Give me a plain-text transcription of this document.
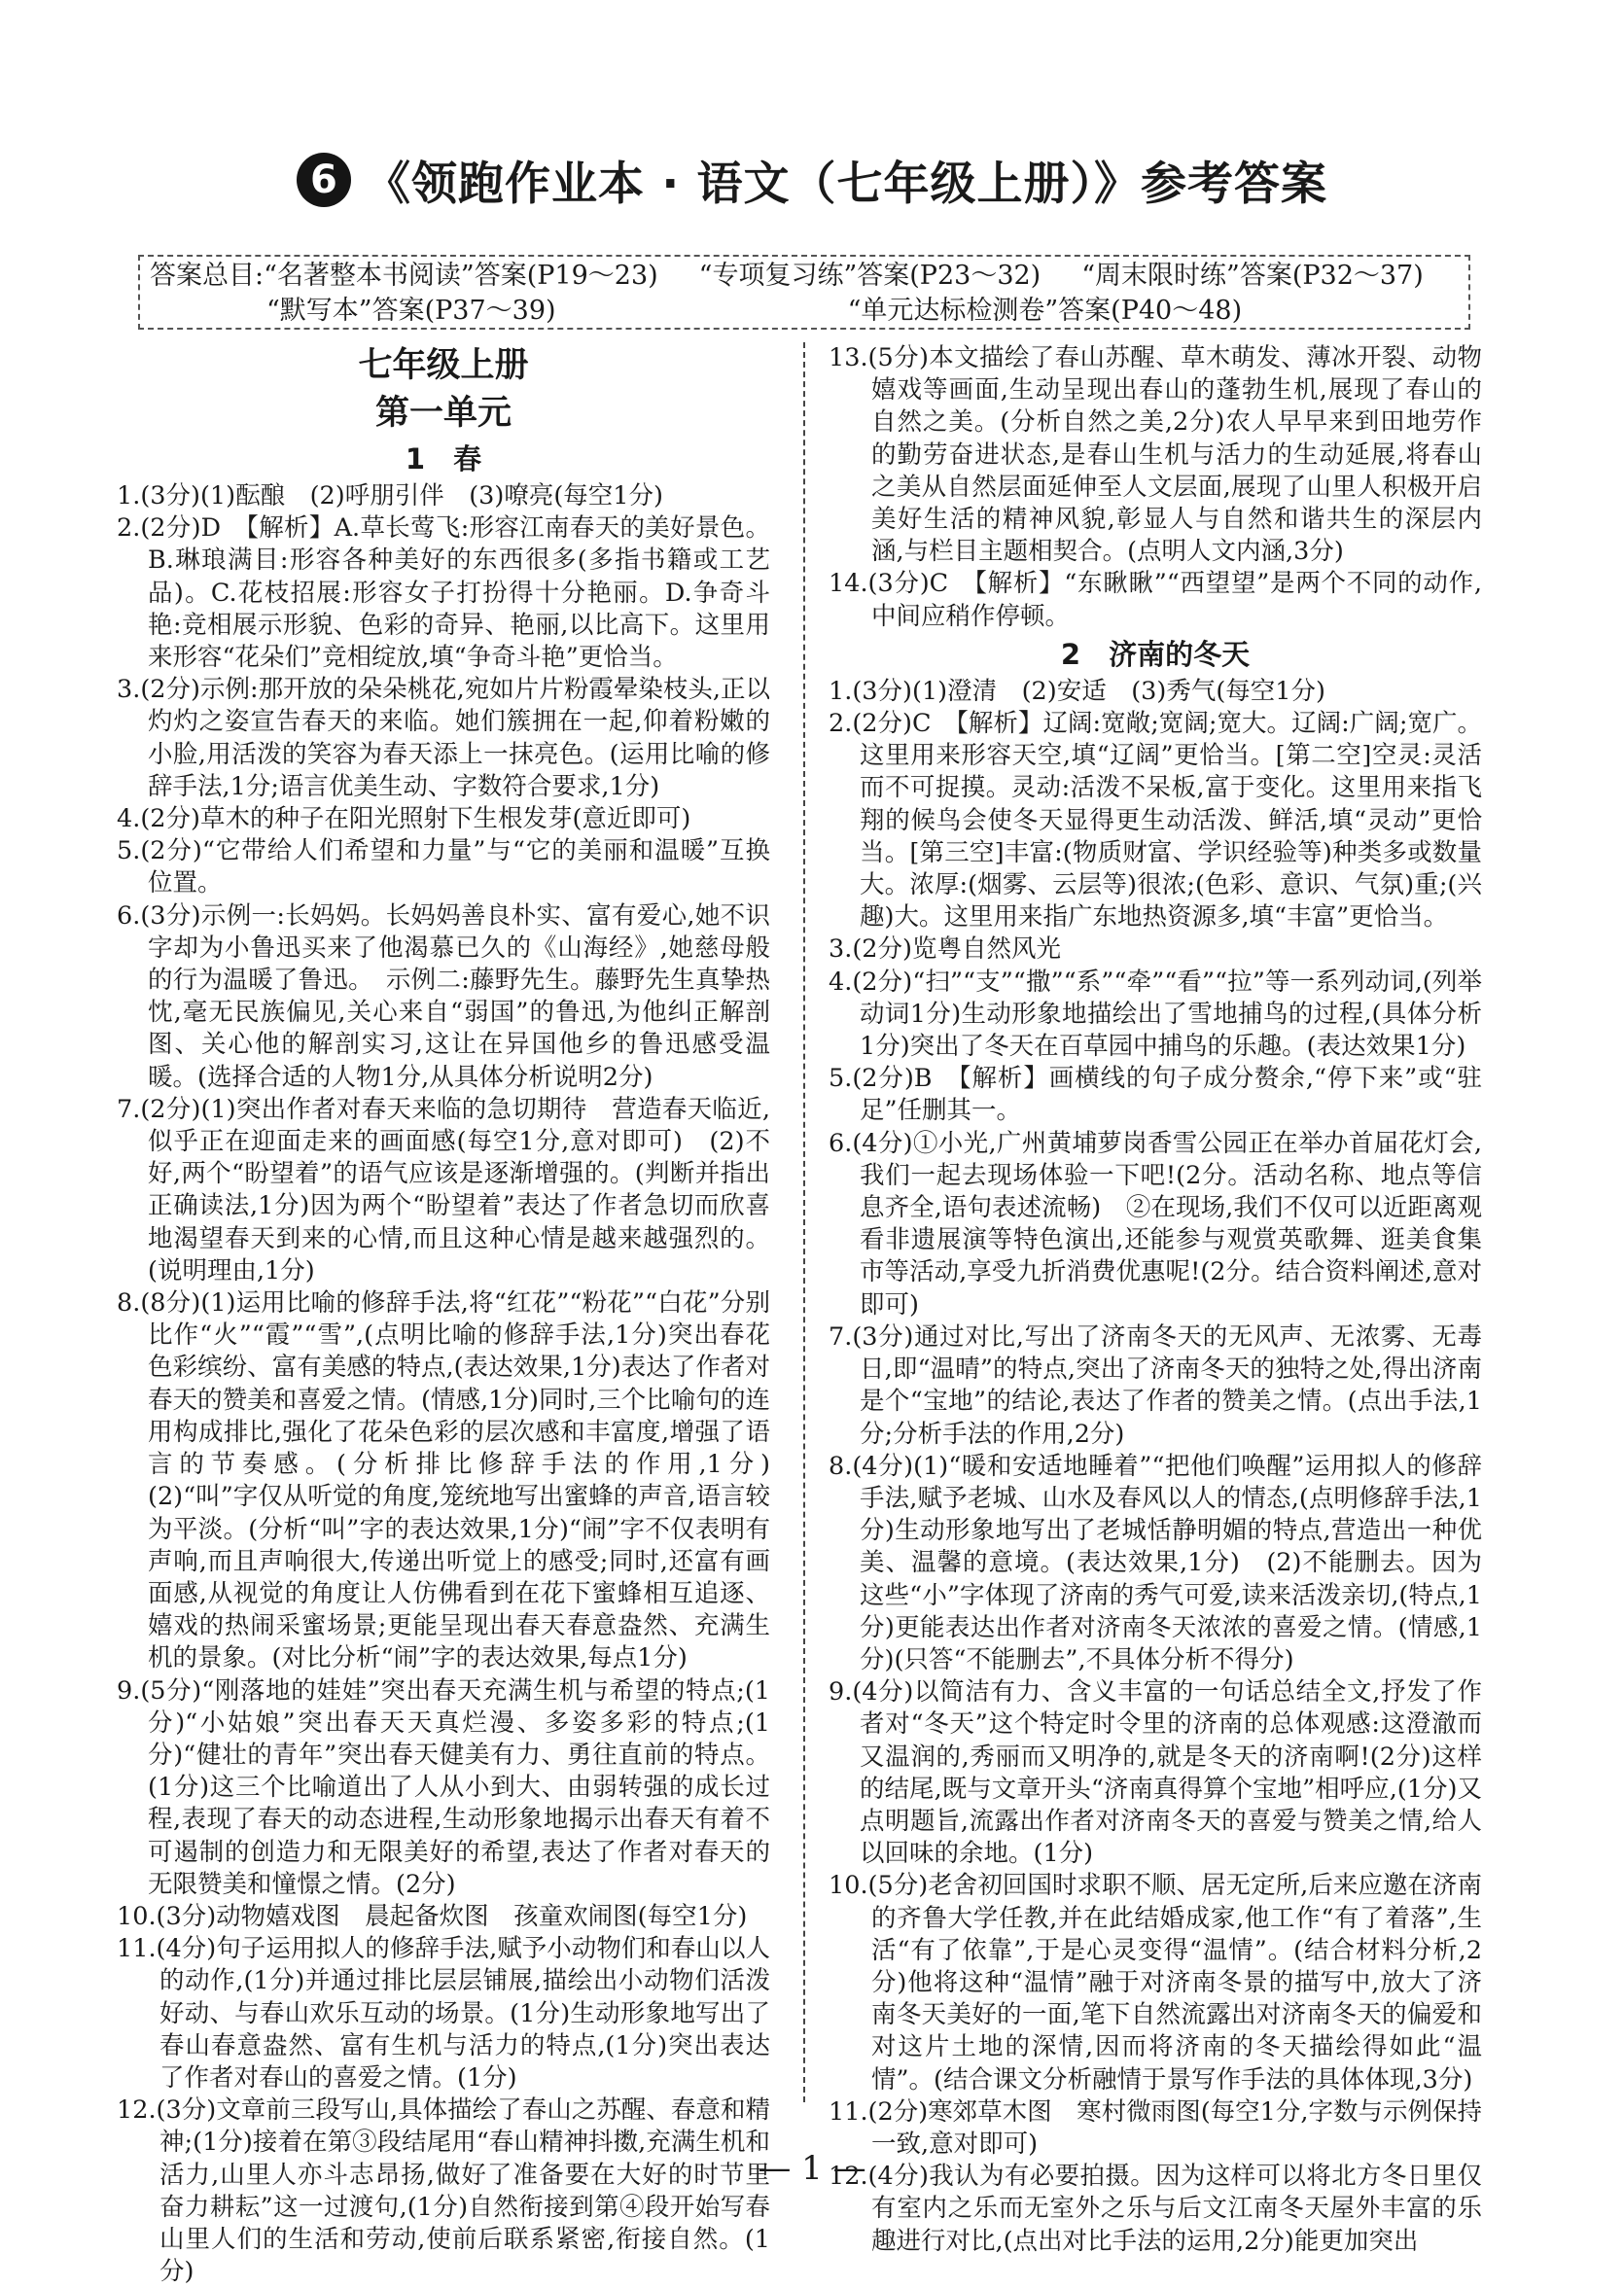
6 《领跑作业本 · 语文（七年级上册）》参考答案
答案总目:“名著整本书阅读”答案(P19～23) “专项复习练”答案(P23～32) “周末限时练”答案(P32～37)
“默写本”答案(P37～39)	“单元达标检测卷”答案(P40～48)
七年级上册
第一单元
1　春

1.(3分)(1)酝酿　(2)呼朋引伴　(3)嘹亮(每空1分)

2.(2分)D　【解析】A.草长莺飞:形容江南春天的美好景色。B.琳琅满目:形容各种美好的东西很多(多指书籍或工艺品)。C.花枝招展:形容女子打扮得十分艳丽。D.争奇斗艳:竞相展示形貌、色彩的奇异、艳丽,以比高下。这里用来形容“花朵们”竞相绽放,填“争奇斗艳”更恰当。

3.(2分)示例:那开放的朵朵桃花,宛如片片粉霞晕染枝头,正以灼灼之姿宣告春天的来临。她们簇拥在一起,仰着粉嫩的小脸,用活泼的笑容为春天添上一抹亮色。(运用比喻的修辞手法,1分;语言优美生动、字数符合要求,1分)

4.(2分)草木的种子在阳光照射下生根发芽(意近即可)

5.(2分)“它带给人们希望和力量”与“它的美丽和温暖”互换位置。

6.(3分)示例一:长妈妈。长妈妈善良朴实、富有爱心,她不识字却为小鲁迅买来了他渴慕已久的《山海经》,她慈母般的行为温暖了鲁迅。　示例二:藤野先生。藤野先生真挚热忱,毫无民族偏见,关心来自“弱国”的鲁迅,为他纠正解剖图、关心他的解剖实习,这让在异国他乡的鲁迅感受温暖。(选择合适的人物1分,从具体分析说明2分)

7.(2分)(1)突出作者对春天来临的急切期待　营造春天临近,似乎正在迎面走来的画面感(每空1分,意对即可)　(2)不好,两个“盼望着”的语气应该是逐渐增强的。(判断并指出正确读法,1分)因为两个“盼望着”表达了作者急切而欣喜地渴望春天到来的心情,而且这种心情是越来越强烈的。(说明理由,1分)

8.(8分)(1)运用比喻的修辞手法,将“红花”“粉花”“白花”分别比作“火”“霞”“雪”,(点明比喻的修辞手法,1分)突出春花色彩缤纷、富有美感的特点,(表达效果,1分)表达了作者对春天的赞美和喜爱之情。(情感,1分)同时,三个比喻句的连用构成排比,强化了花朵色彩的层次感和丰富度,增强了语言的节奏感。(分析排比修辞手法的作用,1分)　(2)“叫”字仅从听觉的角度,笼统地写出蜜蜂的声音,语言较为平淡。(分析“叫”字的表达效果,1分)“闹”字不仅表明有声响,而且声响很大,传递出听觉上的感受;同时,还富有画面感,从视觉的角度让人仿佛看到在花下蜜蜂相互追逐、嬉戏的热闹采蜜场景;更能呈现出春天春意盎然、充满生机的景象。(对比分析“闹”字的表达效果,每点1分)

9.(5分)“刚落地的娃娃”突出春天充满生机与希望的特点;(1分)“小姑娘”突出春天天真烂漫、多姿多彩的特点;(1分)“健壮的青年”突出春天健美有力、勇往直前的特点。(1分)这三个比喻道出了人从小到大、由弱转强的成长过程,表现了春天的动态进程,生动形象地揭示出春天有着不可遏制的创造力和无限美好的希望,表达了作者对春天的无限赞美和憧憬之情。(2分)

10.(3分)动物嬉戏图　晨起备炊图　孩童欢闹图(每空1分)

11.(4分)句子运用拟人的修辞手法,赋予小动物们和春山以人的动作,(1分)并通过排比层层铺展,描绘出小动物们活泼好动、与春山欢乐互动的场景。(1分)生动形象地写出了春山春意盎然、富有生机与活力的特点,(1分)突出表达了作者对春山的喜爱之情。(1分)

12.(3分)文章前三段写山,具体描绘了春山之苏醒、春意和精神;(1分)接着在第③段结尾用“春山精神抖擞,充满生机和活力,山里人亦斗志昂扬,做好了准备要在大好的时节里奋力耕耘”这一过渡句,(1分)自然衔接到第④段开始写春山里人们的生活和劳动,使前后联系紧密,衔接自然。(1分)

13.(5分)本文描绘了春山苏醒、草木萌发、薄冰开裂、动物嬉戏等画面,生动呈现出春山的蓬勃生机,展现了春山的自然之美。(分析自然之美,2分)农人早早来到田地劳作的勤劳奋进状态,是春山生机与活力的生动延展,将春山之美从自然层面延伸至人文层面,展现了山里人积极开启美好生活的精神风貌,彰显人与自然和谐共生的深层内涵,与栏目主题相契合。(点明人文内涵,3分)

14.(3分)C　【解析】“东瞅瞅”“西望望”是两个不同的动作,中间应稍作停顿。

2　济南的冬天

1.(3分)(1)澄清　(2)安适　(3)秀气(每空1分)

2.(2分)C　【解析】辽阔:宽敞;宽阔;宽大。辽阔:广阔;宽广。这里用来形容天空,填“辽阔”更恰当。[第二空]空灵:灵活而不可捉摸。灵动:活泼不呆板,富于变化。这里用来指飞翔的候鸟会使冬天显得更生动活泼、鲜活,填“灵动”更恰当。[第三空]丰富:(物质财富、学识经验等)种类多或数量大。浓厚:(烟雾、云层等)很浓;(色彩、意识、气氛)重;(兴趣)大。这里用来指广东地热资源多,填“丰富”更恰当。

3.(2分)览粤自然风光

4.(2分)“扫”“支”“撒”“系”“牵”“看”“拉”等一系列动词,(列举动词1分)生动形象地描绘出了雪地捕鸟的过程,(具体分析1分)突出了冬天在百草园中捕鸟的乐趣。(表达效果1分)

5.(2分)B　【解析】画横线的句子成分赘余,“停下来”或“驻足”任删其一。

6.(4分)①小光,广州黄埔萝岗香雪公园正在举办首届花灯会,我们一起去现场体验一下吧!(2分。活动名称、地点等信息齐全,语句表述流畅)　②在现场,我们不仅可以近距离观看非遗展演等特色演出,还能参与观赏英歌舞、逛美食集市等活动,享受九折消费优惠呢!(2分。结合资料阐述,意对即可)

7.(3分)通过对比,写出了济南冬天的无风声、无浓雾、无毒日,即“温晴”的特点,突出了济南冬天的独特之处,得出济南是个“宝地”的结论,表达了作者的赞美之情。(点出手法,1分;分析手法的作用,2分)

8.(4分)(1)“暖和安适地睡着”“把他们唤醒”运用拟人的修辞手法,赋予老城、山水及春风以人的情态,(点明修辞手法,1分)生动形象地写出了老城恬静明媚的特点,营造出一种优美、温馨的意境。(表达效果,1分)　(2)不能删去。因为这些“小”字体现了济南的秀气可爱,读来活泼亲切,(特点,1分)更能表达出作者对济南冬天浓浓的喜爱之情。(情感,1分)(只答“不能删去”,不具体分析不得分)

9.(4分)以简洁有力、含义丰富的一句话总结全文,抒发了作者对“冬天”这个特定时令里的济南的总体观感:这澄澈而又温润的,秀丽而又明净的,就是冬天的济南啊!(2分)这样的结尾,既与文章开头“济南真得算个宝地”相呼应,(1分)又点明题旨,流露出作者对济南冬天的喜爱与赞美之情,给人以回味的余地。(1分)

10.(5分)老舍初回国时求职不顺、居无定所,后来应邀在济南的齐鲁大学任教,并在此结婚成家,他工作“有了着落”,生活“有了依靠”,于是心灵变得“温情”。(结合材料分析,2分)他将这种“温情”融于对济南冬景的描写中,放大了济南冬天美好的一面,笔下自然流露出对济南冬天的偏爱和对这片土地的深情,因而将济南的冬天描绘得如此“温情”。(结合课文分析融情于景写作手法的具体体现,3分)

11.(2分)寒郊草木图　寒村微雨图(每空1分,字数与示例保持一致,意对即可)

12.(4分)我认为有必要拍摄。因为这样可以将北方冬日里仅有室内之乐而无室外之乐与后文江南冬天屋外丰富的乐趣进行对比,(点出对比手法的运用,2分)能更加突出

— 1 —
